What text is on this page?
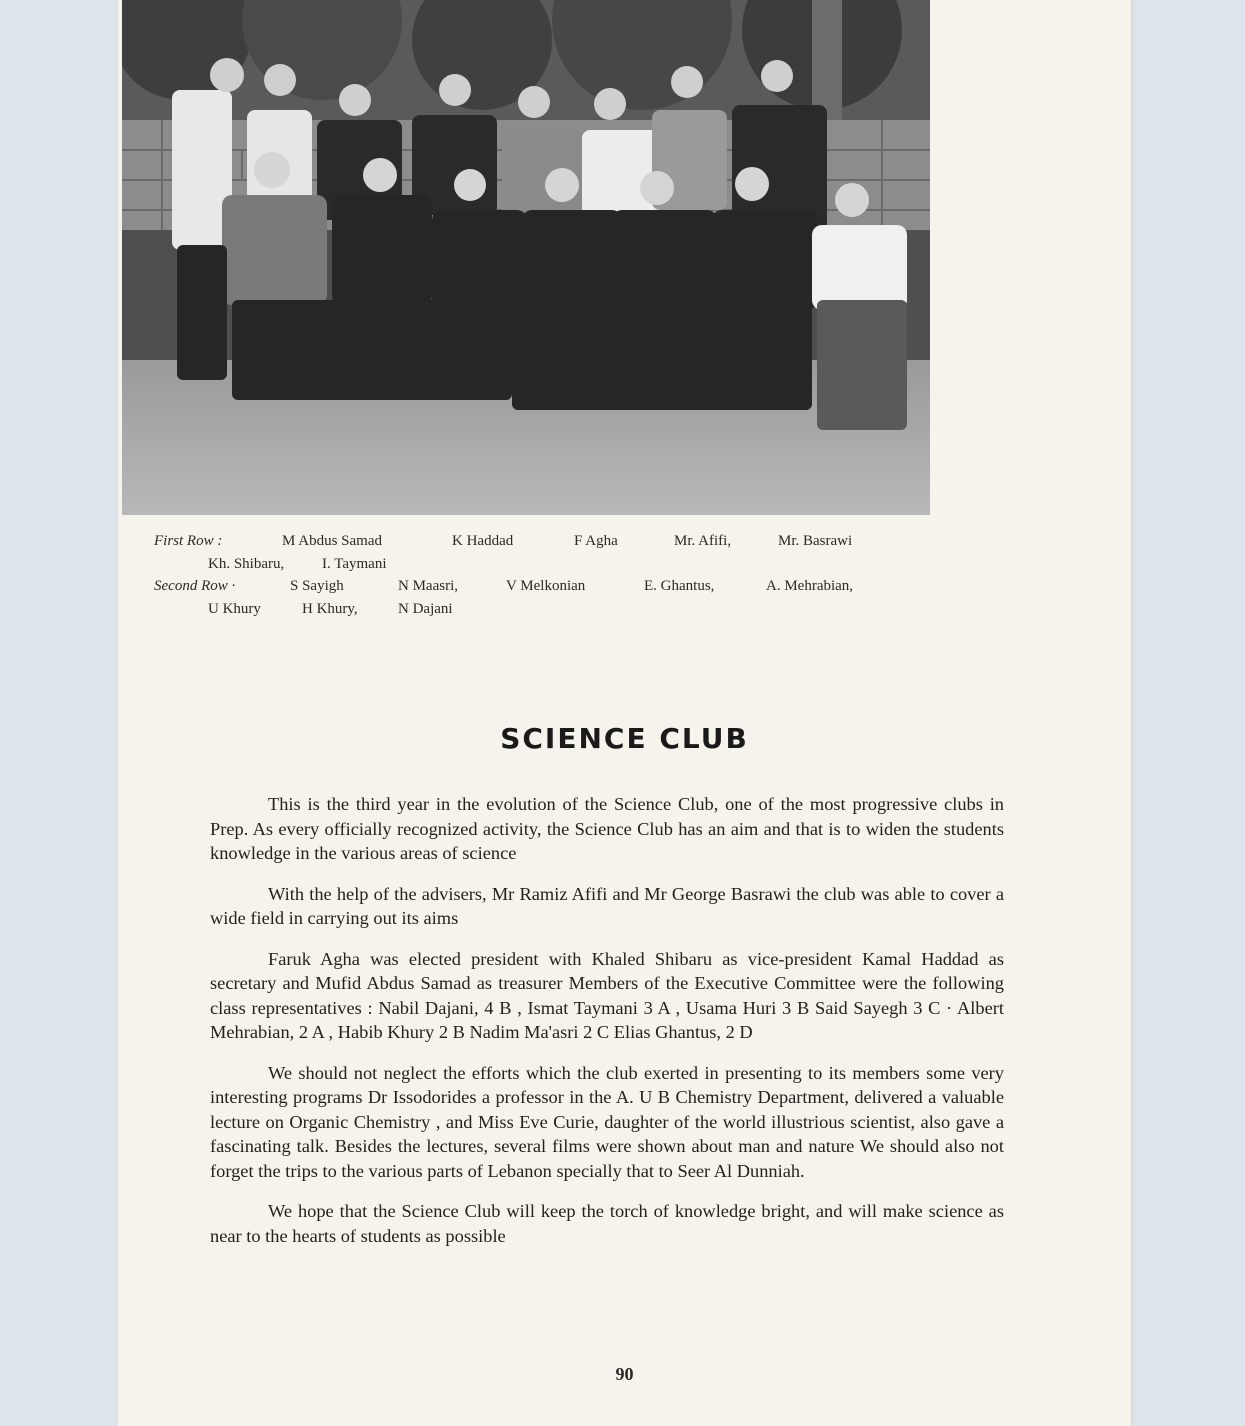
First Row :	M Abdus Samad	K Haddad	F Agha	Mr. Afifi,	Mr. Basrawi
Kh. Shibaru,	I. Taymani
Second Row ·	S Sayigh	N Maasri,	V Melkonian	E. Ghantus,	A. Mehrabian,
U Khury	H Khury,	N Dajani
SCIENCE CLUB

This is the third year in the evolution of the Science Club, one of the most progressive clubs in Prep. As every officially recognized activity, the Science Club has an aim and that is to widen the students knowledge in the various areas of science

With the help of the advisers, Mr Ramiz Afifi and Mr George Basrawi the club was able to cover a wide field in carrying out its aims

Faruk Agha was elected president with Khaled Shibaru as vice-president Kamal Haddad as secretary and Mufid Abdus Samad as treasurer Members of the Executive Committee were the following class representatives : Nabil Dajani, 4 B , Ismat Taymani 3 A , Usama Huri 3 B Said Sayegh 3 C · Albert Mehrabian, 2 A , Habib Khury 2 B Nadim Ma'asri 2 C Elias Ghantus, 2 D

We should not neglect the efforts which the club exerted in presenting to its members some very interesting programs Dr Issodorides a professor in the A. U B Chemistry Department, delivered a valuable lecture on Organic Chemistry , and Miss Eve Curie, daughter of the world illustrious scientist, also gave a fascinating talk. Besides the lectures, several films were shown about man and nature We should also not forget the trips to the various parts of Lebanon specially that to Seer Al Dunniah.

We hope that the Science Club will keep the torch of knowledge bright, and will make science as near to the hearts of students as possible

90
